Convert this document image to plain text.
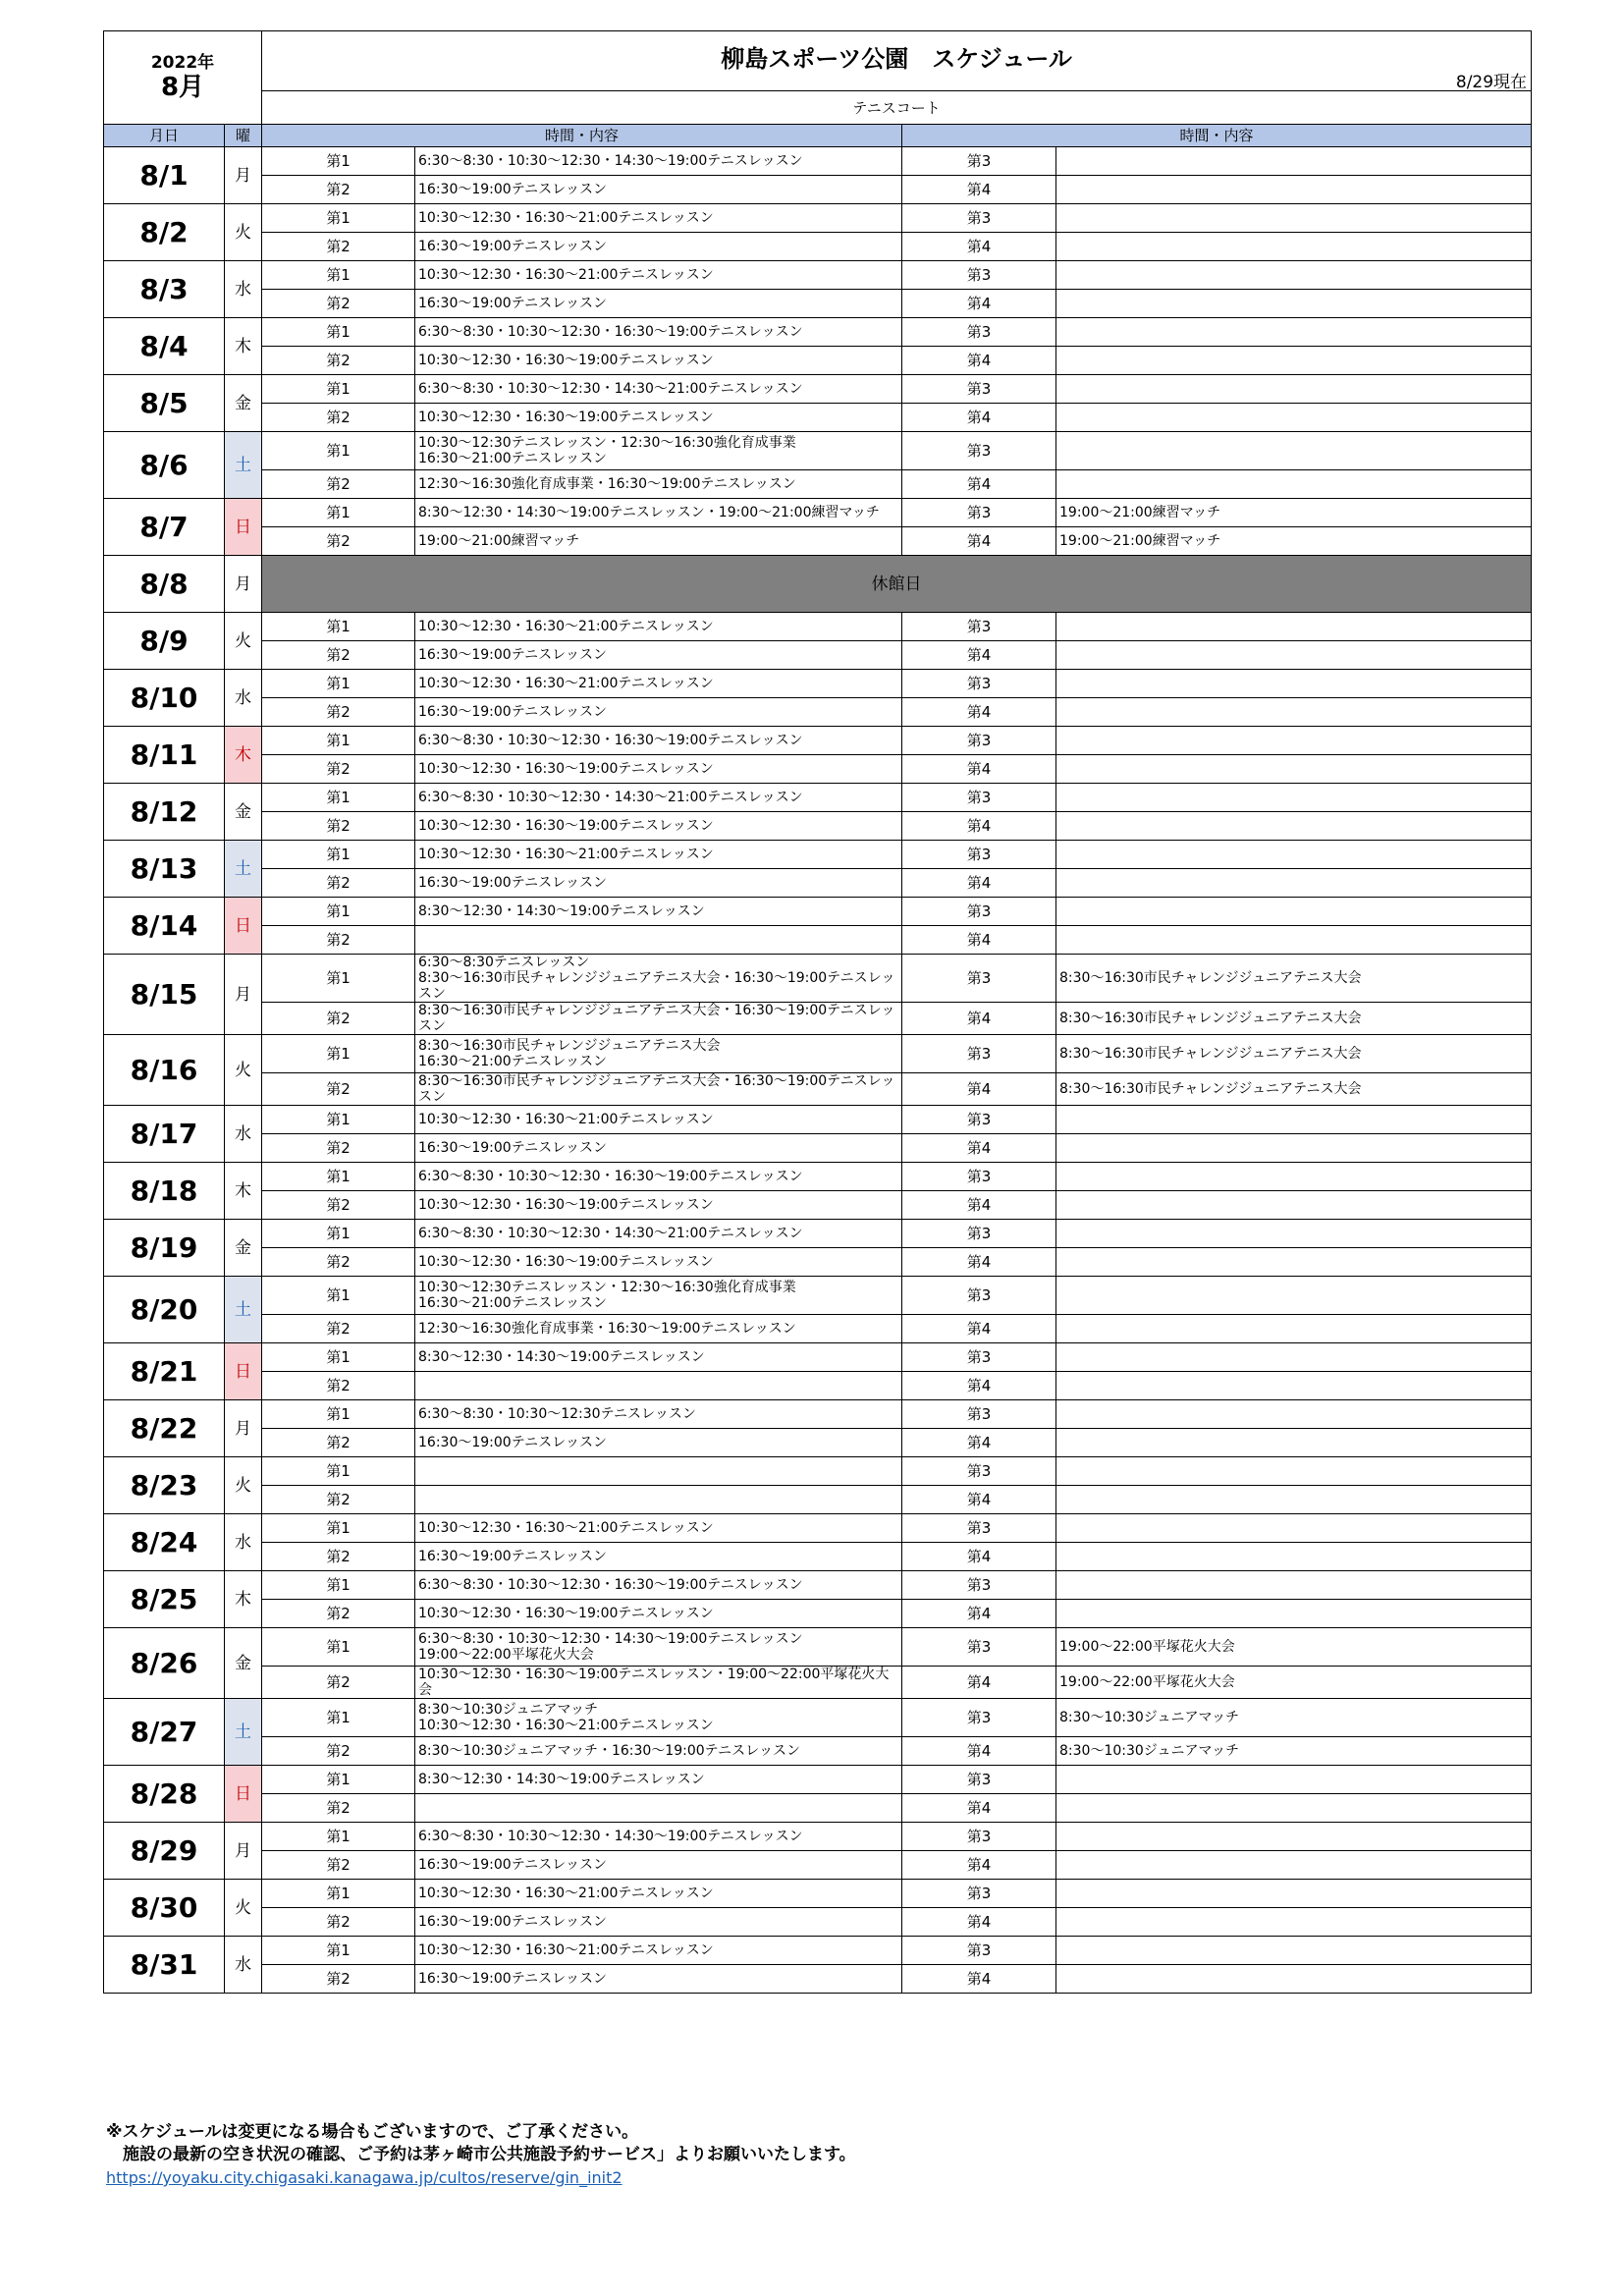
2022年

8月		柳島スポーツ公園　スケジュール

8/29現在			

		テニスコート			
月日	曜	時間・内容		時間・内容	
8/1	月	第1	6:30～8:30・10:30～12:30・14:30～19:00テニスレッスン	第3	
		第2	16:30～19:00テニスレッスン	第4	
8/2	火	第1	10:30～12:30・16:30～21:00テニスレッスン	第3	
		第2	16:30～19:00テニスレッスン	第4	
8/3	水	第1	10:30～12:30・16:30～21:00テニスレッスン	第3	
		第2	16:30～19:00テニスレッスン	第4	
8/4	木	第1	6:30～8:30・10:30～12:30・16:30～19:00テニスレッスン	第3	
		第2	10:30～12:30・16:30～19:00テニスレッスン	第4	
8/5	金	第1	6:30～8:30・10:30～12:30・14:30～21:00テニスレッスン	第3	
		第2	10:30～12:30・16:30～19:00テニスレッスン	第4	
8/6	土	第1	10:30～12:30テニスレッスン・12:30～16:30強化育成事業
16:30～21:00テニスレッスン	第3	
		第2	12:30～16:30強化育成事業・16:30～19:00テニスレッスン	第4	
8/7	日	第1	8:30～12:30・14:30～19:00テニスレッスン・19:00～21:00練習マッチ	第3	19:00～21:00練習マッチ
		第2	19:00～21:00練習マッチ	第4	19:00～21:00練習マッチ
8/8	月	休館日			
8/9	火	第1	10:30～12:30・16:30～21:00テニスレッスン	第3	
		第2	16:30～19:00テニスレッスン	第4	
8/10	水	第1	10:30～12:30・16:30～21:00テニスレッスン	第3	
		第2	16:30～19:00テニスレッスン	第4	
8/11	木	第1	6:30～8:30・10:30～12:30・16:30～19:00テニスレッスン	第3	
		第2	10:30～12:30・16:30～19:00テニスレッスン	第4	
8/12	金	第1	6:30～8:30・10:30～12:30・14:30～21:00テニスレッスン	第3	
		第2	10:30～12:30・16:30～19:00テニスレッスン	第4	
8/13	土	第1	10:30～12:30・16:30～21:00テニスレッスン	第3	
		第2	16:30～19:00テニスレッスン	第4	
8/14	日	第1	8:30～12:30・14:30～19:00テニスレッスン	第3	
		第2		第4	
8/15	月	第1	6:30～8:30テニスレッスン
8:30～16:30市民チャレンジジュニアテニス大会・16:30～19:00テニスレッスン	第3	8:30～16:30市民チャレンジジュニアテニス大会
		第2	8:30～16:30市民チャレンジジュニアテニス大会・16:30～19:00テニスレッスン	第4	8:30～16:30市民チャレンジジュニアテニス大会
8/16	火	第1	8:30～16:30市民チャレンジジュニアテニス大会
16:30～21:00テニスレッスン	第3	8:30～16:30市民チャレンジジュニアテニス大会
		第2	8:30～16:30市民チャレンジジュニアテニス大会・16:30～19:00テニスレッスン	第4	8:30～16:30市民チャレンジジュニアテニス大会
8/17	水	第1	10:30～12:30・16:30～21:00テニスレッスン	第3	
		第2	16:30～19:00テニスレッスン	第4	
8/18	木	第1	6:30～8:30・10:30～12:30・16:30～19:00テニスレッスン	第3	
		第2	10:30～12:30・16:30～19:00テニスレッスン	第4	
8/19	金	第1	6:30～8:30・10:30～12:30・14:30～21:00テニスレッスン	第3	
		第2	10:30～12:30・16:30～19:00テニスレッスン	第4	
8/20	土	第1	10:30～12:30テニスレッスン・12:30～16:30強化育成事業
16:30～21:00テニスレッスン	第3	
		第2	12:30～16:30強化育成事業・16:30～19:00テニスレッスン	第4	
8/21	日	第1	8:30～12:30・14:30～19:00テニスレッスン	第3	
		第2		第4	
8/22	月	第1	6:30～8:30・10:30～12:30テニスレッスン	第3	
		第2	16:30～19:00テニスレッスン	第4	
8/23	火	第1		第3	
		第2		第4	
8/24	水	第1	10:30～12:30・16:30～21:00テニスレッスン	第3	
		第2	16:30～19:00テニスレッスン	第4	
8/25	木	第1	6:30～8:30・10:30～12:30・16:30～19:00テニスレッスン	第3	
		第2	10:30～12:30・16:30～19:00テニスレッスン	第4	
8/26	金	第1	6:30～8:30・10:30～12:30・14:30～19:00テニスレッスン
19:00～22:00平塚花火大会	第3	19:00～22:00平塚花火大会
		第2	10:30～12:30・16:30～19:00テニスレッスン・19:00～22:00平塚花火大会	第4	19:00～22:00平塚花火大会
8/27	土	第1	8:30～10:30ジュニアマッチ
10:30～12:30・16:30～21:00テニスレッスン	第3	8:30～10:30ジュニアマッチ
		第2	8:30～10:30ジュニアマッチ・16:30～19:00テニスレッスン	第4	8:30～10:30ジュニアマッチ
8/28	日	第1	8:30～12:30・14:30～19:00テニスレッスン	第3	
		第2		第4	
8/29	月	第1	6:30～8:30・10:30～12:30・14:30～19:00テニスレッスン	第3	
		第2	16:30～19:00テニスレッスン	第4	
8/30	火	第1	10:30～12:30・16:30～21:00テニスレッスン	第3	
		第2	16:30～19:00テニスレッスン	第4	
8/31	水	第1	10:30～12:30・16:30～21:00テニスレッスン	第3	
		第2	16:30～19:00テニスレッスン	第4	
※スケジュールは変更になる場合もございますので、ご了承ください。
　施設の最新の空き状況の確認、ご予約は茅ヶ崎市公共施設予約サービス」よりお願いいたします。
https://yoyaku.city.chigasaki.kanagawa.jp/cultos/reserve/gin_init2
